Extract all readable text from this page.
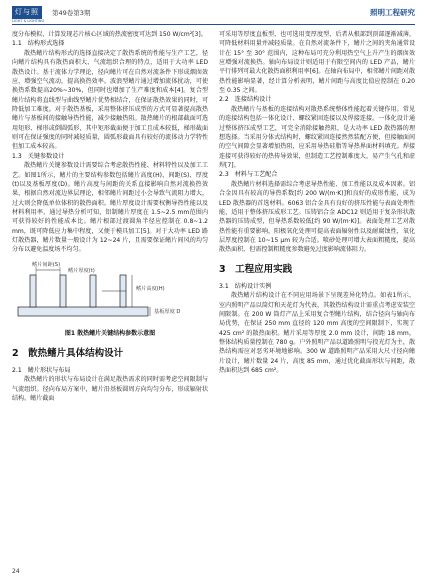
灯与照明
LIGHT & LIGHTING
第49卷第3期	照明工程研究

度分布模拟，计算发现芯片核心区域的热流密度可达到 150 W/cm²[3]。

1.1　结构形式选择

散热鳍片结构形式的选择直接决定了散热系统的性能与生产工艺，径向鳍片结构具有散热面积大、气流组织合理的特点，适用于大功率 LED 散热设计。基于流体力学理论，径向鳍片可在自然对流条件下形成烟囱效应，增强空气流动，提高换热效率。波浪型鳍片通过增加流体扰动，可使换热系数提高20%~30%，但同时也增加了生产难度和成本[4]。复合型鳍片结构将直线型与曲线型鳍片优势相结合，在保证散热效果的同时，可降低加工难度。对于散热基板，采用整体挤压成型的方式可显著提高散热鳍片与基板间的接触导热性能，减少接触热阻。散热鳍片的根部截面可选用矩形、梯形或倒圆弧形，其中矩形截面便于加工且成本较低，梯形截面则可在保证强度的同时减轻质量，圆弧形截面具有较好的流体动力学特性但加工成本较高。

1.3　关键参数设计

散热鳍片关键参数设计需要综合考虑散热性能、材料特性以及加工工艺。如图1所示，鳍片的主要结构参数包括鳍片高度(H)、间距(S)、厚度(t)以及基板厚度(D)。鳍片高度与间距的关系直接影响自然对流换热效果，根据自然对流边界层理论，相邻鳍片间距过小会导致气流阻力增大，过大则会降低单位体积的散热面积。鳍片厚度设计需要权衡导热性能以及材料利用率，通过导热分析可知，铝制鳍片厚度在 1.5~2.5 mm范围内可获得较好的性能成本比。鳍片根部过渡圆角半径应控制在 0.8~1.2 mm，既可降低应力集中程度，又便于模具加工[5]。对于大功率 LED 路灯散热器，鳍片数量一般设计为 12~24 片，且需要保证鳍片间风的均匀分布以避免温度场不均匀。

鳍片间距(S)
鳍片厚度(t)
鳍片高度(H)
基板厚度 D
图1 散热鳍片关键结构参数示意图
2　散热鳍片具体结构设计
2.1　鳍片形状与布局

散热鳍片的形状与布局设计在满足散热需求的同时需考虑空间限制与气流组织。径向布局方案中，鳍片沿基板圆周方向均匀分布，形成辐射状结构。鳍片截面

可采用等厚度直板型，也可选用变厚度型，后者从根部到顶部逐渐减薄，可降低材料用量并减轻质量。在自然对流条件下，鳍片之间的夹角通常设计在 15° 至 30° 范围内，这种布局可充分利用热空气上升产生的烟囱效应增强对流换热。轴向布局设计则适用于有限空间内的 LED 产品，鳍片平行排列可最大化散热面积利用率[6]。在轴向布局中，相邻鳍片间距对散热性能影响显著，经计算分析表明，鳍片间距与高度比值应控制在 0.20 至 0.35 之间。

2.2　连接结构设计

散热鳍片与基板的连接结构对散热系统整体性能起着关键作用。常见的连接结构包括一体化设计、螺纹紧固连接以及焊接连接。一体化设计通过整体挤压成型工艺，可完全消除接触热阻，是大功率 LED 散热器的理想选择。当采用分体式结构时，螺纹紧固连接然然装配方便，但接触面间的空气间隙会显著增加热阻，应采用导热硅脂等导热界面材料填充。焊接连接可获得较好的热传导效果，但制造工艺控制难度大，易产生气孔和虚焊[7]。

2.3　材料与工艺配合

散热鳍片材料选择需综合考虑导热性能、加工性能以及成本因素。铝合金因具有较高的导热系数[约 200 W/(m·K)]和良好的成形性能，成为 LED 散热器的首选材料。6063 铝合金具有良好的挤压性能与表面处理性能，适用于整体挤压成形工艺。压铸铝合金 ADC12 则适用于复杂形状散热器的压铸成型，但导热系数较低[约 90 W/(m·K)]。表面处理工艺对散热性能有重要影响，阳极氧化处理可提高表面辐射性以及耐腐蚀性，氧化层厚度控制在 10~15 μm 较为合适。喷砂处理可增大表面粗糙度，提高散热面积，但需控制粗糙度参数避免过度影响流体阻力。

3　工程应用实践
3.1　结构设计实例

散热鳍片结构设计在不同应用场景下呈现差异化特点。如表1所示，室内照明产品以筒灯和天花灯为代表，其散热结构设计需重点考虑安装空间限制。在 200 W 筒灯产品上采用复合型鳍片结构，结合径向与轴向布局优势，在保证 250 mm 直径的 120 mm 高度的空间限制下，实现了 425 cm² 的散热面积。鳍片采用等厚度 2.0 mm 设计，间距 18 mm，整体结构质量控制在 780 g。户外照明产品以道路照明与投光灯为主，散热结构需应对恶劣环境地影响。300 W 道路照明产品采用大尺寸径向鳍片设计，鳍片数量 24 片，高度 85 mm，通过优化截面形状与间距，散热面积达到 685 cm²。

24
